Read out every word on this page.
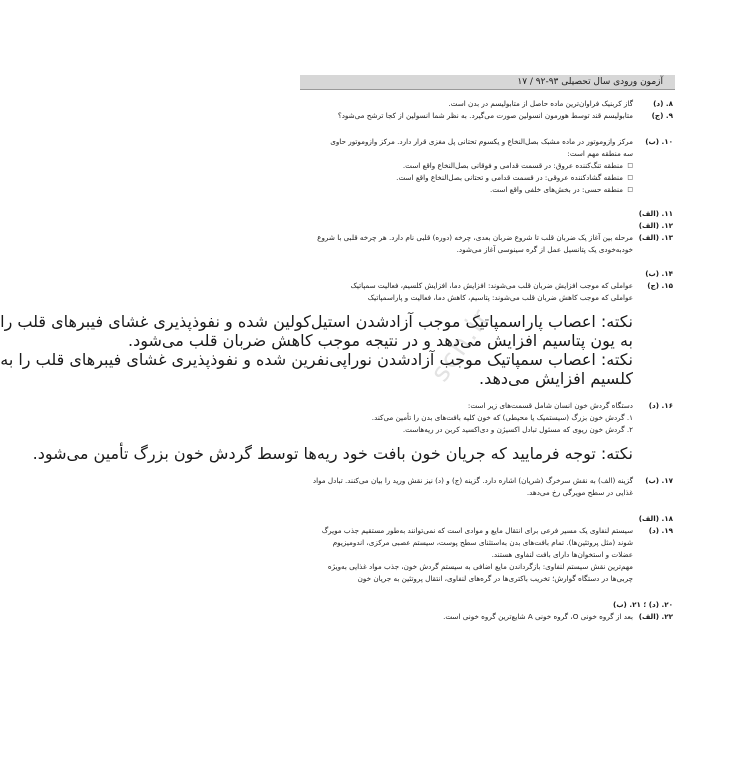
آزمون ورودی سال تحصیلی ۹۳-۹۲ / ۱۷
sch.ir
۸. (د)
گاز کربنیک فراوان‌ترین ماده حاصل از متابولیسم در بدن است.
۹. (ج)
متابولیسم قند توسط هورمون انسولین صورت می‌گیرد. به نظر شما انسولین از کجا ترشح می‌شود؟
۱۰. (ب)
مرکز وازوموتور در ماده مشبک بصل‌النخاع و یکسوم تحتانی پل مغزی قرار دارد. مرکز وازوموتور حاوی
سه منطقه مهم است:
□ منطقه تنگ‌کننده عروق: در قسمت قدامی و فوقانی بصل‌النخاع واقع است.
□ منطقه گشادکننده عروقی: در قسمت قدامی و تحتانی بصل‌النخاع واقع است.
□ منطقه حسی: در بخش‌های خلفی واقع است.
۱۱. (الف)
۱۲. (الف)
۱۳. (الف)
مرحله بین آغاز یک ضربان قلب تا شروع ضربان بعدی، چرخه (دوره) قلبی نام دارد. هر چرخه قلبی با شروع
خودبه‌خودی یک پتانسیل عمل از گره سینوسی آغاز می‌شود.
۱۴. (ب)
۱۵. (ج)
عواملی که موجب افزایش ضربان قلب می‌شوند: افزایش دما، افزایش کلسیم، فعالیت سمپاتیک
عواملی که موجب کاهش ضربان قلب می‌شوند: پتاسیم، کاهش دما، فعالیت و پاراسمپاتیک
نکته: اعصاب پاراسمپاتیک موجب آزادشدن استیل‌کولین شده و نفوذپذیری غشای فیبرهای قلب را
به یون پتاسیم افزایش می‌دهد و در نتیجه موجب کاهش ضربان قلب می‌شود.
نکته: اعصاب سمپاتیک موجب آزادشدن نوراپی‌نفرین شده و نفوذپذیری غشای فیبرهای قلب را به
کلسیم افزایش می‌دهد.
۱۶. (د)
دستگاه گردش خون انسان شامل قسمت‌های زیر است:
۱. گردش خون بزرگ (سیستمیک یا محیطی) که خون کلیه بافت‌های بدن را تأمین می‌کند.
۲. گردش خون ریوی که مسئول تبادل اکسیژن و دی‌اکسید کربن در ریه‌هاست.
نکته: توجه فرمایید که جریان خون بافت خود ریه‌ها توسط گردش خون بزرگ تأمین می‌شود.
۱۷. (ب)
گزینه (الف) به نقش سرخرگ (شریان) اشاره دارد. گزینه (ج) و (د) نیز نقش ورید را بیان می‌کنند. تبادل مواد
غذایی در سطح مویرگی رخ می‌دهد.
۱۸. (الف)
۱۹. (د)
سیستم لنفاوی یک مسیر فرعی برای انتقال مایع و موادی است که نمی‌توانند به‌طور مستقیم جذب مویرگ
شوند (مثل پروتئین‌ها). تمام بافت‌های بدن به‌استثنای سطح پوست، سیستم عصبی مرکزی، اندومیزیوم
عضلات و استخوان‌ها دارای بافت لنفاوی هستند.
مهم‌ترین نقش سیستم لنفاوی: بازگرداندن مایع اضافی به سیستم گردش خون، جذب مواد غذایی به‌ویژه
چربی‌ها در دستگاه گوارش؛ تخریب باکتری‌ها در گره‌های لنفاوی، انتقال پروتئین به جریان خون
۲۰. (د) ؛ ۲۱. (ب)
۲۲. (الف)
بعد از گروه خونی O، گروه خونی A شایع‌ترین گروه خونی است.
